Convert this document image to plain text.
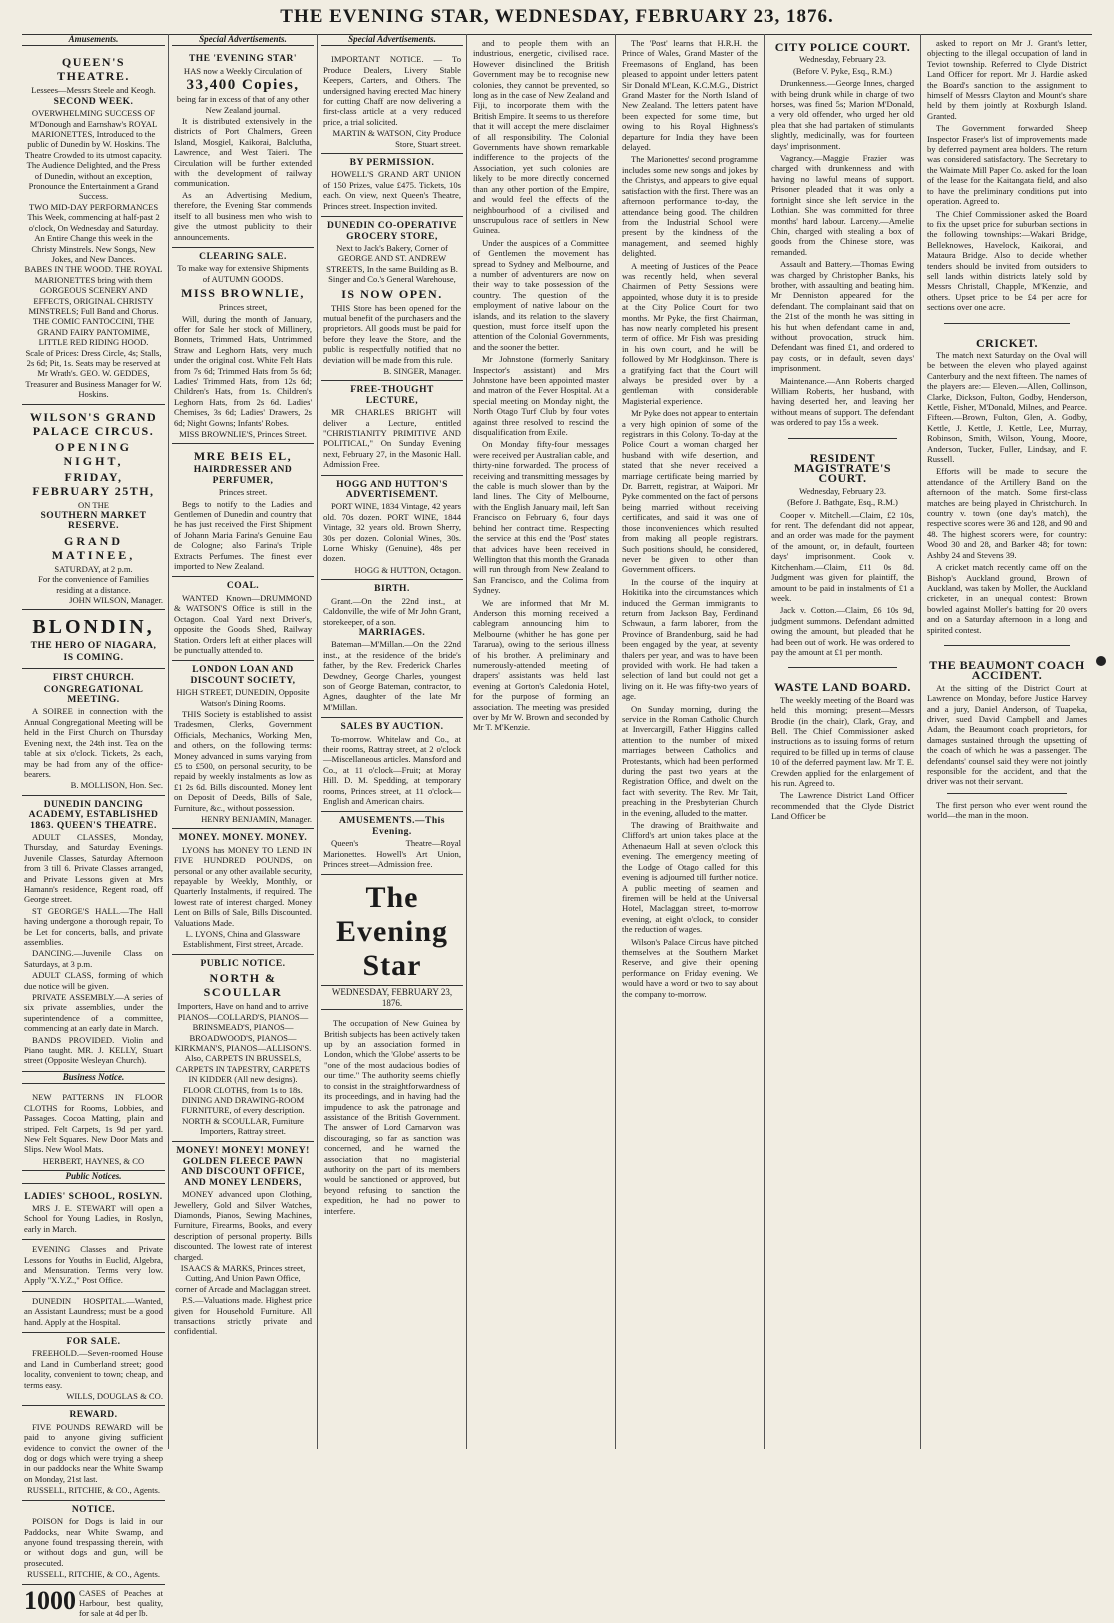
THE EVENING STAR, WEDNESDAY, FEBRUARY 23, 1876.
Amusements.
QUEEN'S THEATRE.
Lessees—Messrs Steele and Keogh.
SECOND WEEK.
OVERWHELMING SUCCESS OF M'Donough and Earnshaw's ROYAL MARIONETTES, Introduced to the public of Dunedin by W. Hoskins. The Theatre Crowded to its utmost capacity. The Audience Delighted, and the Press of Dunedin, without an exception, Pronounce the Entertainment a Grand Success.
TWO MID-DAY PERFORMANCES This Week, commencing at half-past 2 o'clock, On Wednesday and Saturday.
An Entire Change this week in the Christy Minstrels. New Songs, New Jokes, and New Dances.
BABES IN THE WOOD. THE ROYAL MARIONETTES bring with them GORGEOUS SCENERY AND EFFECTS, ORIGINAL CHRISTY MINSTRELS; Full Band and Chorus. THE COMIC FANTOCCINI, THE GRAND FAIRY PANTOMIME, LITTLE RED RIDING HOOD.
Scale of Prices: Dress Circle, 4s; Stalls, 2s 6d; Pit, 1s. Seats may be reserved at Mr Wrath's. GEO. W. GEDDES, Treasurer and Business Manager for W. Hoskins.
WILSON'S GRAND PALACE CIRCUS.
OPENING NIGHT,
FRIDAY, FEBRUARY 25TH,
ON THE
SOUTHERN MARKET RESERVE.
GRAND MATINEE,
SATURDAY, at 2 p.m.
For the convenience of Families residing at a distance.
JOHN WILSON, Manager.
BLONDIN,
THE HERO OF NIAGARA,
IS COMING.
FIRST CHURCH.
CONGREGATIONAL MEETING.

A SOIREE in connection with the Annual Congregational Meeting will be held in the First Church on Thursday Evening next, the 24th inst. Tea on the table at six o'clock. Tickets, 2s each, may be had from any of the office-bearers.

B. MOLLISON, Hon. Sec.
DUNEDIN DANCING ACADEMY, ESTABLISHED 1863. QUEEN'S THEATRE.

ADULT CLASSES, Monday, Thursday, and Saturday Evenings. Juvenile Classes, Saturday Afternoon from 3 till 6. Private Classes arranged, and Private Lessons given at Mrs Hamann's residence, Regent road, off George street.

ST GEORGE'S HALL.—The Hall having undergone a thorough repair, To be Let for concerts, balls, and private assemblies.

DANCING.—Juvenile Class on Saturdays, at 3 p.m.

ADULT CLASS, forming of which due notice will be given.

PRIVATE ASSEMBLY.—A series of six private assemblies, under the superintendence of a committee, commencing at an early date in March.

BANDS PROVIDED. Violin and Piano taught. MR. J. KELLY, Stuart street (Opposite Wesleyan Church).

Business Notice.

NEW PATTERNS IN FLOOR CLOTHS for Rooms, Lobbies, and Passages. Cocoa Matting, plain and striped. Felt Carpets, 1s 9d per yard. New Felt Squares. New Door Mats and Slips. New Wool Mats.

HERBERT, HAYNES, & CO
Public Notices.
LADIES' SCHOOL, ROSLYN.

MRS J. E. STEWART will open a School for Young Ladies, in Roslyn, early in March.

EVENING Classes and Private Lessons for Youths in Euclid, Algebra, and Mensuration. Terms very low. Apply "X.Y.Z.," Post Office.

DUNEDIN HOSPITAL.—Wanted, an Assistant Laundress; must be a good hand. Apply at the Hospital.

FOR SALE.

FREEHOLD.—Seven-roomed House and Land in Cumberland street; good locality, convenient to town; cheap, and terms easy.

WILLS, DOUGLAS & CO.
REWARD.

FIVE POUNDS REWARD will be paid to anyone giving sufficient evidence to convict the owner of the dog or dogs which were trying a sheep in our paddocks near the White Swamp on Monday, 21st last.

RUSSELL, RITCHIE, & CO., Agents.
NOTICE.

POISON for Dogs is laid in our Paddocks, near White Swamp, and anyone found trespassing therein, with or without dogs and gun, will be prosecuted.

RUSSELL, RITCHIE, & CO., Agents.
1000 CASES of Peaches at Harbour, best quality, for sale at 4d per lb.
Special Advertisements.
THE 'EVENING STAR'
HAS now a Weekly Circulation of
33,400 Copies,
being far in excess of that of any other New Zealand journal.

It is distributed extensively in the districts of Port Chalmers, Green Island, Mosgiel, Kaikorai, Balclutha, Lawrence, and West Taieri. The Circulation will be further extended with the development of railway communication.

As an Advertising Medium, therefore, the Evening Star commends itself to all business men who wish to give the utmost publicity to their announcements.

CLEARING SALE.
To make way for extensive Shipments of AUTUMN GOODS.
MISS BROWNLIE,
Princes street,

Will, during the month of January, offer for Sale her stock of Millinery, Bonnets, Trimmed Hats, Untrimmed Straw and Leghorn Hats, very much under the original cost. White Felt Hats from 7s 6d; Trimmed Hats from 5s 6d; Ladies' Trimmed Hats, from 12s 6d; Children's Hats, from 1s. Children's Leghorn Hats, from 2s 6d. Ladies' Chemises, 3s 6d; Ladies' Drawers, 2s 6d; Night Gowns; Infants' Robes.

MISS BROWNLIE'S, Princes Street.
MRE BEIS EL,
HAIRDRESSER AND PERFUMER,
Princes street.

Begs to notify to the Ladies and Gentlemen of Dunedin and country that he has just received the First Shipment of Johann Maria Farina's Genuine Eau de Cologne; also Farina's Triple Extracts Perfumes. The finest ever imported to New Zealand.

COAL.

WANTED Known—DRUMMOND & WATSON'S Office is still in the Octagon. Coal Yard next Driver's, opposite the Goods Shed, Railway Station. Orders left at either places will be punctually attended to.

LONDON LOAN AND DISCOUNT SOCIETY,
HIGH STREET, DUNEDIN, Opposite Watson's Dining Rooms.

THIS Society is established to assist Tradesmen, Clerks, Government Officials, Mechanics, Working Men, and others, on the following terms: Money advanced in sums varying from £5 to £500, on personal security, to be repaid by weekly instalments as low as £1 2s 6d. Bills discounted. Money lent on Deposit of Deeds, Bills of Sale, Furniture, &c., without possession.

HENRY BENJAMIN, Manager.
MONEY. MONEY. MONEY.

LYONS has MONEY TO LEND IN FIVE HUNDRED POUNDS, on personal or any other available security, repayable by Weekly, Monthly, or Quarterly Instalments, if required. The lowest rate of interest charged. Money Lent on Bills of Sale, Bills Discounted. Valuations Made.

L. LYONS, China and Glassware Establishment, First street, Arcade.
PUBLIC NOTICE.
NORTH & SCOULLAR
Importers, Have on hand and to arrive PIANOS—COLLARD'S, PIANOS—BRINSMEAD'S, PIANOS—BROADWOOD'S, PIANOS—KIRKMAN'S, PIANOS—ALLISON'S. Also, CARPETS IN BRUSSELS, CARPETS IN TAPESTRY, CARPETS IN KIDDER (All new designs). FLOOR CLOTHS, from 1s to 18s. DINING AND DRAWING-ROOM FURNITURE, of every description.
NORTH & SCOULLAR, Furniture Importers, Rattray street.
MONEY! MONEY! MONEY!
GOLDEN FLEECE PAWN AND DISCOUNT OFFICE, AND MONEY LENDERS,

MONEY advanced upon Clothing, Jewellery, Gold and Silver Watches, Diamonds, Pianos, Sewing Machines, Furniture, Firearms, Books, and every description of personal property. Bills discounted. The lowest rate of interest charged.

ISAACS & MARKS, Princes street, Cutting, And Union Pawn Office, corner of Arcade and Maclaggan street.

P.S.—Valuations made. Highest price given for Household Furniture. All transactions strictly private and confidential.

Special Advertisements.

IMPORTANT NOTICE. — To Produce Dealers, Livery Stable Keepers, Carters, and Others. The undersigned having erected Mac hinery for cutting Chaff are now delivering a first-class article at a very reduced price, a trial solicited.

MARTIN & WATSON, City Produce Store, Stuart street.
BY PERMISSION.

HOWELL'S GRAND ART UNION of 150 Prizes, value £475. Tickets, 10s each. On view, next Queen's Theatre, Princes street. Inspection invited.

DUNEDIN CO-OPERATIVE GROCERY STORE,
Next to Jack's Bakery, Corner of GEORGE AND ST. ANDREW STREETS, In the same Building as B. Singer and Co.'s General Warehouse,
IS NOW OPEN.

THIS Store has been opened for the mutual benefit of the purchasers and the proprietors. All goods must be paid for before they leave the Store, and the public is respectfully notified that no deviation will be made from this rule.

B. SINGER, Manager.
FREE-THOUGHT LECTURE,

MR CHARLES BRIGHT will deliver a Lecture, entitled "CHRISTIANITY PRIMITIVE AND POLITICAL," On Sunday Evening next, February 27, in the Masonic Hall. Admission Free.

HOGG AND HUTTON'S ADVERTISEMENT.

PORT WINE, 1834 Vintage, 42 years old. 70s dozen. PORT WINE, 1844 Vintage, 32 years old. Brown Sherry, 30s per dozen. Colonial Wines, 30s. Lorne Whisky (Genuine), 48s per dozen.

HOGG & HUTTON, Octagon.
BIRTH.

Grant.—On the 22nd inst., at Caldonville, the wife of Mr John Grant, storekeeper, of a son.

MARRIAGES.

Bateman—M'Millan.—On the 22nd inst., at the residence of the bride's father, by the Rev. Frederick Charles Dewdney, George Charles, youngest son of George Bateman, contractor, to Agnes, daughter of the late Mr M'Millan.

SALES BY AUCTION.

To-morrow. Whitelaw and Co., at their rooms, Rattray street, at 2 o'clock—Miscellaneous articles. Mansford and Co., at 11 o'clock—Fruit; at Moray Hill. D. M. Spedding, at temporary rooms, Princes street, at 11 o'clock—English and American chairs.

AMUSEMENTS.—This Evening.

Queen's Theatre—Royal Marionettes. Howell's Art Union, Princes street—Admission free.

The Evening Star
WEDNESDAY, FEBRUARY 23, 1876.

The occupation of New Guinea by British subjects has been actively taken up by an association formed in London, which the 'Globe' asserts to be "one of the most audacious bodies of our time." The authority seems chiefly to consist in the straightforwardness of its proceedings, and in having had the impudence to ask the patronage and assistance of the British Government. The answer of Lord Carnarvon was discouraging, so far as sanction was concerned, and he warned the association that no magisterial authority on the part of its members would be sanctioned or approved, but beyond refusing to sanction the expedition, he had no power to interfere.

and to people them with an industrious, energetic, civilised race. However disinclined the British Government may be to recognise new colonies, they cannot be prevented, so long as in the case of New Zealand and Fiji, to incorporate them with the British Empire. It seems to us therefore that it will accept the mere disclaimer of all responsibility. The Colonial Governments have shown remarkable indifference to the projects of the Association, yet such colonies are likely to be more directly concerned than any other portion of the Empire, and would feel the effects of the neighbourhood of a civilised and unscrupulous race of settlers in New Guinea.

Under the auspices of a Committee of Gentlemen the movement has spread to Sydney and Melbourne, and a number of adventurers are now on their way to take possession of the country. The question of the employment of native labour on the islands, and its relation to the slavery question, must force itself upon the attention of the Colonial Governments, and the sooner the better.

Mr Johnstone (formerly Sanitary Inspector's assistant) and Mrs Johnstone have been appointed master and matron of the Fever Hospital. At a special meeting on Monday night, the North Otago Turf Club by four votes against three resolved to rescind the disqualification from Exile.

On Monday fifty-four messages were received per Australian cable, and thirty-nine forwarded. The process of receiving and transmitting messages by the cable is much slower than by the land lines. The City of Melbourne, with the English January mail, left San Francisco on February 6, four days behind her contract time. Respecting the service at this end the 'Post' states that advices have been received in Wellington that this month the Granada will run through from New Zealand to San Francisco, and the Colima from Sydney.

We are informed that Mr M. Anderson this morning received a cablegram announcing him to Melbourne (whither he has gone per Tararua), owing to the serious illness of his brother. A preliminary and numerously-attended meeting of drapers' assistants was held last evening at Gorton's Caledonia Hotel, for the purpose of forming an association. The meeting was presided over by Mr W. Brown and seconded by Mr T. M'Kenzie.

The 'Post' learns that H.R.H. the Prince of Wales, Grand Master of the Freemasons of England, has been pleased to appoint under letters patent Sir Donald M'Lean, K.C.M.G., District Grand Master for the North Island of New Zealand. The letters patent have been expected for some time, but owing to his Royal Highness's departure for India they have been delayed.

The Marionettes' second programme includes some new songs and jokes by the Christys, and appears to give equal satisfaction with the first. There was an afternoon performance to-day, the attendance being good. The children from the Industrial School were present by the kindness of the management, and seemed highly delighted.

A meeting of Justices of the Peace was recently held, when several Chairmen of Petty Sessions were appointed, whose duty it is to preside at the City Police Court for two months. Mr Pyke, the first Chairman, has now nearly completed his present term of office. Mr Fish was presiding in his own court, and he will be followed by Mr Hodgkinson. There is a gratifying fact that the Court will always be presided over by a gentleman with considerable Magisterial experience.

Mr Pyke does not appear to entertain a very high opinion of some of the registrars in this Colony. To-day at the Police Court a woman charged her husband with wife desertion, and stated that she never received a marriage certificate being married by Dr. Barrett, registrar, at Waipori. Mr Pyke commented on the fact of persons being married without receiving certificates, and said it was one of those inconveniences which resulted from making all people registrars. Such positions should, he considered, never be given to other than Government officers.

In the course of the inquiry at Hokitika into the circumstances which induced the German immigrants to return from Jackson Bay, Ferdinand Schwaun, a farm laborer, from the Province of Brandenburg, said he had been engaged by the year, at seventy thalers per year, and was to have been provided with work. He had taken a selection of land but could not get a living on it. He was fifty-two years of age.

On Sunday morning, during the service in the Roman Catholic Church at Invercargill, Father Higgins called attention to the number of mixed marriages between Catholics and Protestants, which had been performed during the past two years at the Registration Office, and dwelt on the fact with severity. The Rev. Mr Tait, preaching in the Presbyterian Church in the evening, alluded to the matter.

The drawing of Braithwaite and Clifford's art union takes place at the Athenaeum Hall at seven o'clock this evening. The emergency meeting of the Lodge of Otago called for this evening is adjourned till further notice. A public meeting of seamen and firemen will be held at the Universal Hotel, Maclaggan street, to-morrow evening, at eight o'clock, to consider the reduction of wages.

Wilson's Palace Circus have pitched themselves at the Southern Market Reserve, and give their opening performance on Friday evening. We would have a word or two to say about the company to-morrow.

CITY POLICE COURT.
Wednesday, February 23.
(Before V. Pyke, Esq., R.M.)

Drunkenness.—George Innes, charged with being drunk while in charge of two horses, was fined 5s; Marion M'Donald, a very old offender, who urged her old plea that she had partaken of stimulants slightly, medicinally, was for fourteen days' imprisonment.

Vagrancy.—Maggie Frazier was charged with drunkenness and with having no lawful means of support. Prisoner pleaded that it was only a fortnight since she left service in the Lothian. She was committed for three months' hard labour. Larceny.—Amelie Chin, charged with stealing a box of goods from the Chinese store, was remanded.

Assault and Battery.—Thomas Ewing was charged by Christopher Banks, his brother, with assaulting and beating him. Mr Denniston appeared for the defendant. The complainant said that on the 21st of the month he was sitting in his hut when defendant came in and, without provocation, struck him. Defendant was fined £1, and ordered to pay costs, or in default, seven days' imprisonment.

Maintenance.—Ann Roberts charged William Roberts, her husband, with having deserted her, and leaving her without means of support. The defendant was ordered to pay 15s a week.

RESIDENT MAGISTRATE'S COURT.
Wednesday, February 23.
(Before J. Bathgate, Esq., R.M.)

Cooper v. Mitchell.—Claim, £2 10s, for rent. The defendant did not appear, and an order was made for the payment of the amount, or, in default, fourteen days' imprisonment. Cook v. Kitchenham.—Claim, £11 0s 8d. Judgment was given for plaintiff, the amount to be paid in instalments of £1 a week.

Jack v. Cotton.—Claim, £6 10s 9d, judgment summons. Defendant admitted owing the amount, but pleaded that he had been out of work. He was ordered to pay the amount at £1 per month.

WASTE LAND BOARD.

The weekly meeting of the Board was held this morning; present—Messrs Brodie (in the chair), Clark, Gray, and Bell. The Chief Commissioner asked instructions as to issuing forms of return required to be filled up in terms of clause 10 of the deferred payment law. Mr T. E. Crewden applied for the enlargement of his run. Agreed to.

The Lawrence District Land Officer recommended that the Clyde District Land Officer be

asked to report on Mr J. Grant's letter, objecting to the illegal occupation of land in Teviot township. Referred to Clyde District Land Officer for report. Mr J. Hardie asked the Board's sanction to the assignment to himself of Messrs Clayton and Mount's share held by them jointly at Roxburgh Island. Granted.

The Government forwarded Sheep Inspector Fraser's list of improvements made by deferred payment area holders. The return was considered satisfactory. The Secretary to the Waimate Mill Paper Co. asked for the loan of the lease for the Kaitangata field, and also to have the preliminary conditions put into operation. Agreed to.

The Chief Commissioner asked the Board to fix the upset price for suburban sections in the following townships:—Wakari Bridge, Belleknowes, Havelock, Kaikorai, and Mataura Bridge. Also to decide whether tenders should be invited from outsiders to sell lands within districts lately sold by Messrs Christall, Chapple, M'Kenzie, and others. Upset price to be £4 per acre for sections over one acre.

CRICKET.

The match next Saturday on the Oval will be between the eleven who played against Canterbury and the next fifteen. The names of the players are:— Eleven.—Allen, Collinson, Clarke, Dickson, Fulton, Godby, Henderson, Kettle, Fisher, M'Donald, Milnes, and Pearce. Fifteen.—Brown, Fulton, Glen, A. Godby, Kettle, J. Kettle, J. Kettle, Lee, Murray, Robinson, Smith, Wilson, Young, Moore, Anderson, Tucker, Fuller, Lindsay, and F. Russell.

Efforts will be made to secure the attendance of the Artillery Band on the afternoon of the match. Some first-class matches are being played in Christchurch. In country v. town (one day's match), the respective scores were 36 and 128, and 90 and 48. The highest scorers were, for country: Wood 30 and 28, and Barker 48; for town: Ashby 24 and Stevens 39.

A cricket match recently came off on the Bishop's Auckland ground, Brown of Auckland, was taken by Moller, the Auckland cricketer, in an unequal contest: Brown bowled against Moller's batting for 20 overs and on a Saturday afternoon in a long and spirited contest.

THE BEAUMONT COACH ACCIDENT.

At the sitting of the District Court at Lawrence on Monday, before Justice Harvey and a jury, Daniel Anderson, of Tuapeka, driver, sued David Campbell and James Adam, the Beaumont coach proprietors, for damages sustained through the upsetting of the coach of which he was a passenger. The defendants' counsel said they were not jointly responsible for the accident, and that the driver was not their servant.

The first person who ever went round the world—the man in the moon.
